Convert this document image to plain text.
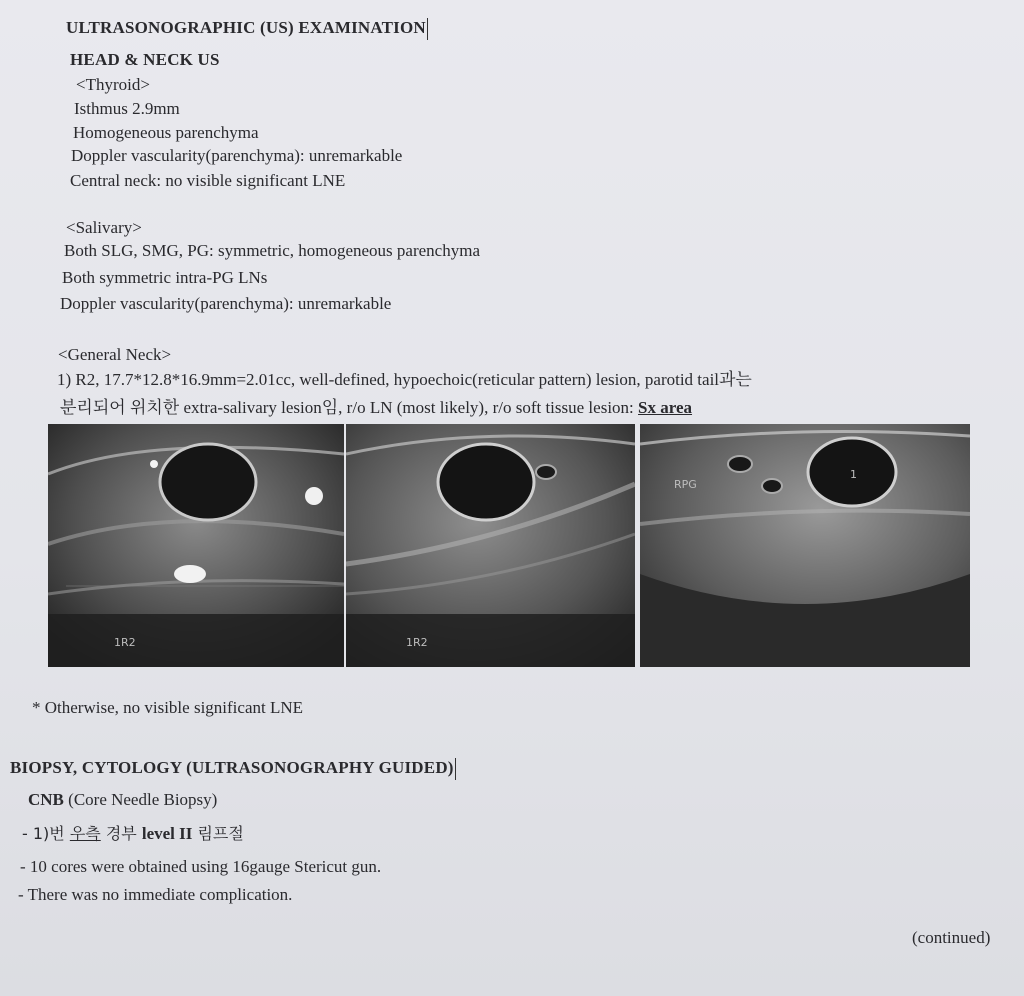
ULTRASONOGRAPHIC (US) EXAMINATION
HEAD & NECK US
<Thyroid>
Isthmus 2.9mm
Homogeneous parenchyma
Doppler vascularity(parenchyma): unremarkable
Central neck: no visible significant LNE
<Salivary>
Both SLG, SMG, PG: symmetric, homogeneous parenchyma
Both symmetric intra-PG LNs
Doppler vascularity(parenchyma): unremarkable
<General Neck>
1) R2, 17.7*12.8*16.9mm=2.01cc, well-defined, hypoechoic(reticular pattern) lesion, parotid tail과는
분리되어 위치한 extra-salivary lesion임, r/o LN (most likely), r/o soft tissue lesion: Sx area
1R2	1R2
RPG
1
* Otherwise, no visible significant LNE
BIOPSY, CYTOLOGY (ULTRASONOGRAPHY GUIDED)
CNB (Core Needle Biopsy)
- 1)번 우측 경부 level II 림프절
- 10 cores were obtained using 16gauge Stericut gun.
- There was no immediate complication.
(continued)
